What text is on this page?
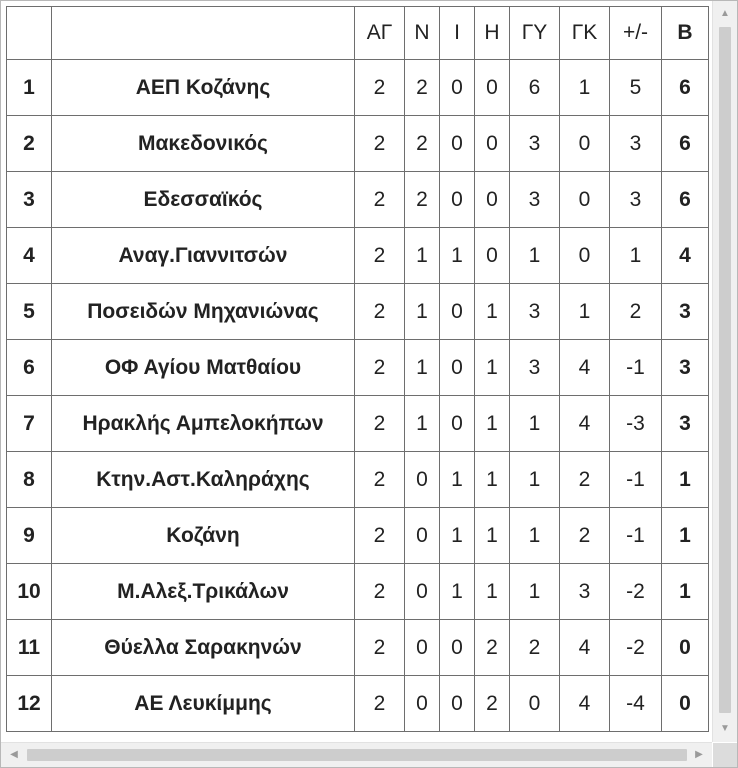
		ΑΓ	Ν	Ι	Η	ΓΥ	ΓΚ	+/-	Β
1	ΑΕΠ Κοζάνης	2	2	0	0	6	1	5	6
2	Μακεδονικός	2	2	0	0	3	0	3	6
3	Εδεσσαϊκός	2	2	0	0	3	0	3	6
4	Αναγ.Γιαννιτσών	2	1	1	0	1	0	1	4
5	Ποσειδών Μηχανιώνας	2	1	0	1	3	1	2	3
6	ΟΦ Αγίου Ματθαίου	2	1	0	1	3	4	-1	3
7	Ηρακλής Αμπελοκήπων	2	1	0	1	1	4	-3	3
8	Κτην.Αστ.Καληράχης	2	0	1	1	1	2	-1	1
9	Κοζάνη	2	0	1	1	1	2	-1	1
10	Μ.Αλεξ.Τρικάλων	2	0	1	1	1	3	-2	1
11	Θύελλα Σαρακηνών	2	0	0	2	2	4	-2	0
12	ΑΕ Λευκίμμης	2	0	0	2	0	4	-4	0
▲
▼
◀	▶
